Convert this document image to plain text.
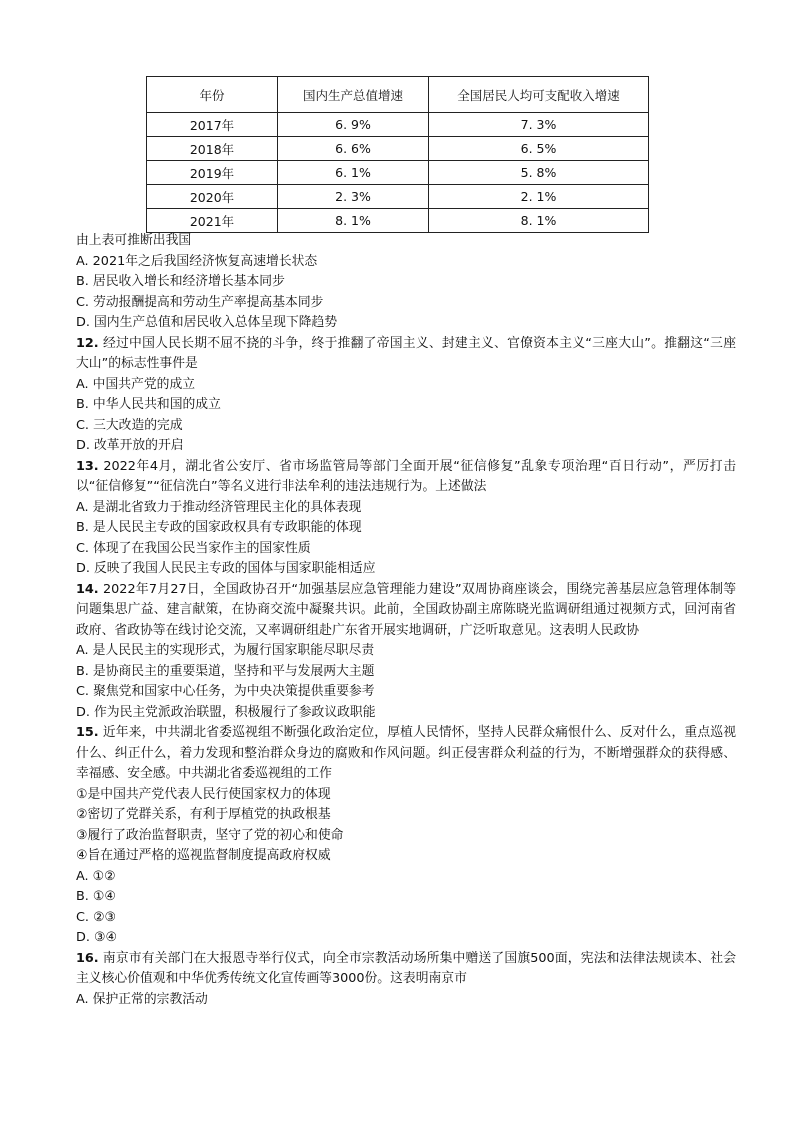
年份	国内生产总值增速	全国居民人均可支配收入增速
2017年	6. 9%	7. 3%
2018年	6. 6%	6. 5%
2019年	6. 1%	5. 8%
2020年	2. 3%	2. 1%
2021年	8. 1%	8. 1%

由上表可推断出我国

A. 2021年之后我国经济恢复高速增长状态

B. 居民收入增长和经济增长基本同步

C. 劳动报酬提高和劳动生产率提高基本同步

D. 国内生产总值和居民收入总体呈现下降趋势

12. 经过中国人民长期不屈不挠的斗争，终于推翻了帝国主义、封建主义、官僚资本主义“三座大山”。推翻这“三座大山”的标志性事件是

A. 中国共产党的成立

B. 中华人民共和国的成立

C. 三大改造的完成

D. 改革开放的开启

13. 2022年4月，湖北省公安厅、省市场监管局等部门全面开展“征信修复”乱象专项治理“百日行动”，严厉打击以“征信修复”“征信洗白”等名义进行非法牟利的违法违规行为。上述做法

A. 是湖北省致力于推动经济管理民主化的具体表现

B. 是人民民主专政的国家政权具有专政职能的体现

C. 体现了在我国公民当家作主的国家性质

D. 反映了我国人民民主专政的国体与国家职能相适应

14. 2022年7月27日，全国政协召开“加强基层应急管理能力建设”双周协商座谈会，围绕完善基层应急管理体制等问题集思广益、建言献策，在协商交流中凝聚共识。此前，全国政协副主席陈晓光监调研组通过视频方式，回河南省政府、省政协等在线讨论交流，又率调研组赴广东省开展实地调研，广泛听取意见。这表明人民政协

A. 是人民民主的实现形式，为履行国家职能尽职尽责

B. 是协商民主的重要渠道，坚持和平与发展两大主题

C. 聚焦党和国家中心任务，为中央决策提供重要参考

D. 作为民主党派政治联盟，积极履行了参政议政职能

15. 近年来，中共湖北省委巡视组不断强化政治定位，厚植人民情怀，坚持人民群众痛恨什么、反对什么，重点巡视什么、纠正什么，着力发现和整治群众身边的腐败和作风问题。纠正侵害群众利益的行为，不断增强群众的获得感、幸福感、安全感。中共湖北省委巡视组的工作

①是中国共产党代表人民行使国家权力的体现

②密切了党群关系，有利于厚植党的执政根基

③履行了政治监督职责，坚守了党的初心和使命

④旨在通过严格的巡视监督制度提高政府权威

A. ①②

B. ①④

C. ②③

D. ③④

16. 南京市有关部门在大报恩寺举行仪式，向全市宗教活动场所集中赠送了国旗500面，宪法和法律法规读本、社会主义核心价值观和中华优秀传统文化宣传画等3000份。这表明南京市

A. 保护正常的宗教活动
